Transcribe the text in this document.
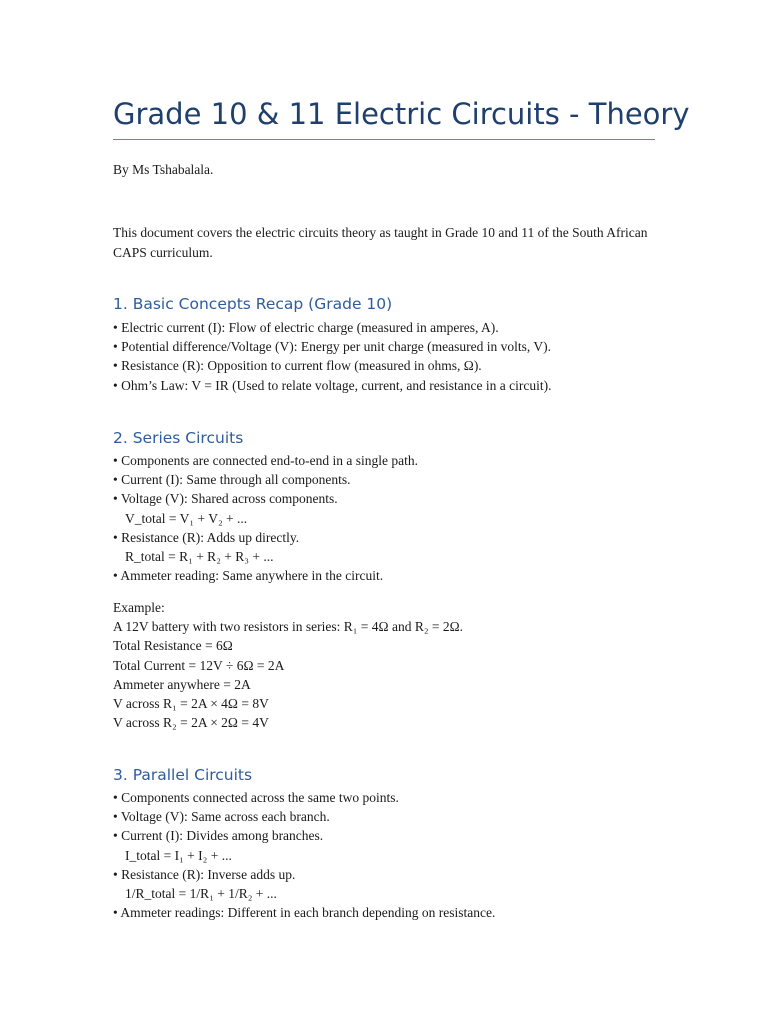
Grade 10 & 11 Electric Circuits - Theory

By Ms Tshabalala.

This document covers the electric circuits theory as taught in Grade 10 and 11 of the South African CAPS curriculum.

1. Basic Concepts Recap (Grade 10)
• Electric current (I): Flow of electric charge (measured in amperes, A).
• Potential difference/Voltage (V): Energy per unit charge (measured in volts, V).
• Resistance (R): Opposition to current flow (measured in ohms, Ω).
• Ohm’s Law: V = IR (Used to relate voltage, current, and resistance in a circuit).
2. Series Circuits
• Components are connected end-to-end in a single path.
• Current (I): Same through all components.
• Voltage (V): Shared across components.
V_total = V₁ + V₂ + ...
• Resistance (R): Adds up directly.
R_total = R₁ + R₂ + R₃ + ...
• Ammeter reading: Same anywhere in the circuit.
Example:
A 12V battery with two resistors in series: R₁ = 4Ω and R₂ = 2Ω.
Total Resistance = 6Ω
Total Current = 12V ÷ 6Ω = 2A
Ammeter anywhere = 2A
V across R₁ = 2A × 4Ω = 8V
V across R₂ = 2A × 2Ω = 4V
3. Parallel Circuits
• Components connected across the same two points.
• Voltage (V): Same across each branch.
• Current (I): Divides among branches.
I_total = I₁ + I₂ + ...
• Resistance (R): Inverse adds up.
1/R_total = 1/R₁ + 1/R₂ + ...
• Ammeter readings: Different in each branch depending on resistance.
